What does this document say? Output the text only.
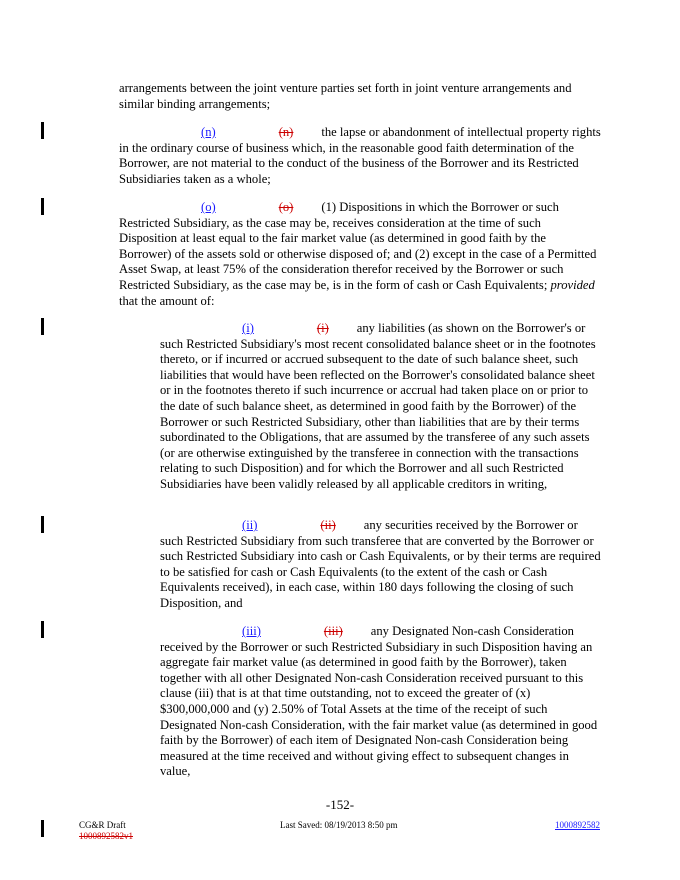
arrangements between the joint venture parties set forth in joint venture arrangements and similar binding arrangements;

(n)	(n) the lapse or abandonment of intellectual property rights in the ordinary course of business which, in the reasonable good faith determination of the Borrower, are not material to the conduct of the business of the Borrower and its Restricted Subsidiaries taken as a whole;

(o)	(o) (1) Dispositions in which the Borrower or such Restricted Subsidiary, as the case may be, receives consideration at the time of such Disposition at least equal to the fair market value (as determined in good faith by the Borrower) of the assets sold or otherwise disposed of; and (2) except in the case of a Permitted Asset Swap, at least 75% of the consideration therefor received by the Borrower or such Restricted Subsidiary, as the case may be, is in the form of cash or Cash Equivalents; provided that the amount of:

(i)	(i) any liabilities (as shown on the Borrower's or such Restricted Subsidiary's most recent consolidated balance sheet or in the footnotes thereto, or if incurred or accrued subsequent to the date of such balance sheet, such liabilities that would have been reflected on the Borrower's consolidated balance sheet or in the footnotes thereto if such incurrence or accrual had taken place on or prior to the date of such balance sheet, as determined in good faith by the Borrower) of the Borrower or such Restricted Subsidiary, other than liabilities that are by their terms subordinated to the Obligations, that are assumed by the transferee of any such assets (or are otherwise extinguished by the transferee in connection with the transactions relating to such Disposition) and for which the Borrower and all such Restricted Subsidiaries have been validly released by all applicable creditors in writing,

(ii)	(ii) any securities received by the Borrower or such Restricted Subsidiary from such transferee that are converted by the Borrower or such Restricted Subsidiary into cash or Cash Equivalents, or by their terms are required to be satisfied for cash or Cash Equivalents (to the extent of the cash or Cash Equivalents received), in each case, within 180 days following the closing of such Disposition, and

(iii)	(iii) any Designated Non-cash Consideration received by the Borrower or such Restricted Subsidiary in such Disposition having an aggregate fair market value (as determined in good faith by the Borrower), taken together with all other Designated Non-cash Consideration received pursuant to this clause (iii) that is at that time outstanding, not to exceed the greater of (x) $300,000,000 and (y) 2.50% of Total Assets at the time of the receipt of such Designated Non-cash Consideration, with the fair market value (as determined in good faith by the Borrower) of each item of Designated Non-cash Consideration being measured at the time received and without giving effect to subsequent changes in value,

-152-
CG&R Draft
1000892582v1
Last Saved: 08/19/2013 8:50 pm	1000892582
